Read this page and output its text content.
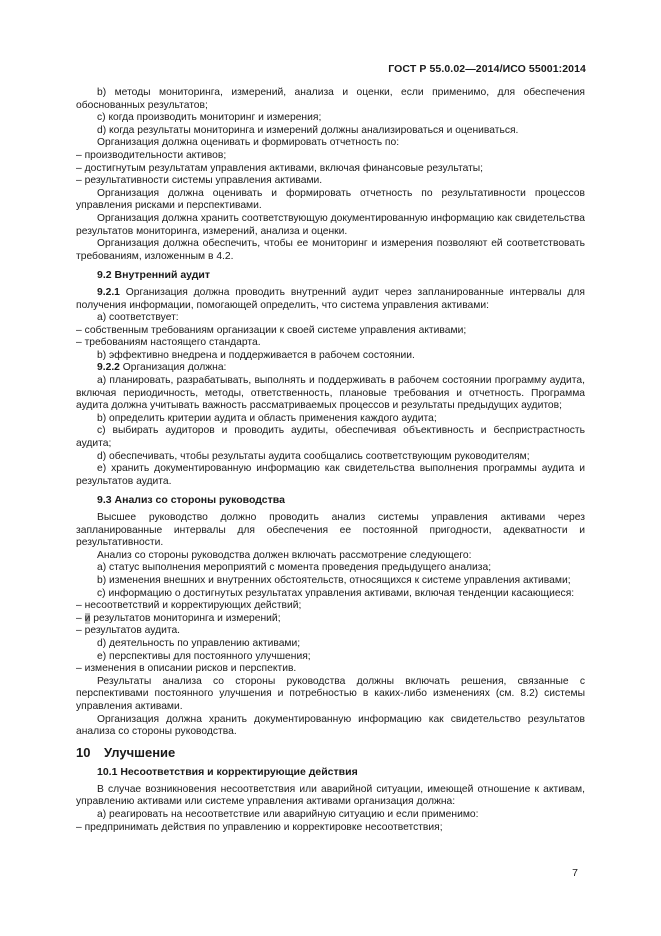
ГОСТ Р 55.0.02—2014/ИСО 55001:2014

b) методы мониторинга, измерений, анализа и оценки, если применимо, для обеспечения обоснованных результатов;

c) когда производить мониторинг и измерения;

d) когда результаты мониторинга и измерений должны анализироваться и оцениваться.

Организация должна оценивать и формировать отчетность по:

– производительности активов;

– достигнутым результатам управления активами, включая финансовые результаты;

– результативности системы управления активами.

Организация должна оценивать и формировать отчетность по результативности процессов управления рисками и перспективами.

Организация должна хранить соответствующую документированную информацию как свидетельства результатов мониторинга, измерений, анализа и оценки.

Организация должна обеспечить, чтобы ее мониторинг и измерения позволяют ей соответствовать требованиям, изложенным в 4.2.

9.2 Внутренний аудит

9.2.1 Организация должна проводить внутренний аудит через запланированные интервалы для получения информации, помогающей определить, что система управления активами:

a) соответствует:

– собственным требованиям организации к своей системе управления активами;

– требованиям настоящего стандарта.

b) эффективно внедрена и поддерживается в рабочем состоянии.

9.2.2 Организация должна:

a) планировать, разрабатывать, выполнять и поддерживать в рабочем состоянии программу аудита, включая периодичность, методы, ответственность, плановые требования и отчетность. Программа аудита должна учитывать важность рассматриваемых процессов и результаты предыдущих аудитов;

b) определить критерии аудита и область применения каждого аудита;

c) выбирать аудиторов и проводить аудиты, обеспечивая объективность и беспристрастность аудита;

d) обеспечивать, чтобы результаты аудита сообщались соответствующим руководителям;

e) хранить документированную информацию как свидетельства выполнения программы аудита и результатов аудита.

9.3 Анализ со стороны руководства

Высшее руководство должно проводить анализ системы управления активами через запланированные интервалы для обеспечения ее постоянной пригодности, адекватности и результативности.

Анализ со стороны руководства должен включать рассмотрение следующего:

a) статус выполнения мероприятий с момента проведения предыдущего анализа;

b) изменения внешних и внутренних обстоятельств, относящихся к системе управления активами;

c) информацию о достигнутых результатах управления активами, включая тенденции касающиеся:

– несоответствий и корректирующих действий;

– и результатов мониторинга и измерений;

– результатов аудита.

d) деятельность по управлению активами;

e) перспективы для постоянного улучшения;

– изменения в описании рисков и перспектив.

Результаты анализа со стороны руководства должны включать решения, связанные с перспективами постоянного улучшения и потребностью в каких-либо изменениях (см. 8.2) системы управления активами.

Организация должна хранить документированную информацию как свидетельство результатов анализа со стороны руководства.

10 Улучшение

10.1 Несоответствия и корректирующие действия

В случае возникновения несоответствия или аварийной ситуации, имеющей отношение к активам, управлению активами или системе управления активами организация должна:

a) реагировать на несоответствие или аварийную ситуацию и если применимо:

– предпринимать действия по управлению и корректировке несоответствия;

7
